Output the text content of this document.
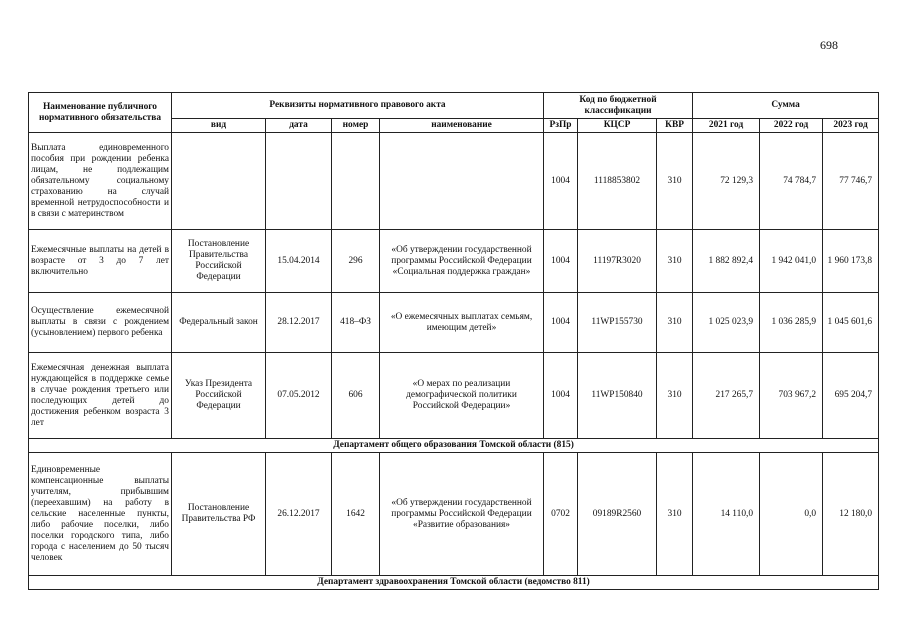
698
Наименование публичного нормативного обязательства	Реквизиты нормативного правового акта				Код по бюджетной классификации			Сумма		
	вид	дата	номер	наименование	РзПр	КЦСР	КВР	2021 год	2022 год	2023 год
Выплата единовременного пособия при рождении ребенка лицам, не подлежащим обязательному социальному страхованию на случай временной нетрудоспособности и в связи с материнством					1004	1118853802	310	72 129,3	74 784,7	77 746,7
Ежемесячные выплаты на детей в возрасте от 3 до 7 лет включительно	Постановление Правительства Российской Федерации	15.04.2014	296	«Об утверждении государственной программы Российской Федерации «Социальная поддержка граждан»	1004	11197R3020	310	1 882 892,4	1 942 041,0	1 960 173,8
Осуществление ежемесячной выплаты в связи с рождением (усыновлением) первого ребенка	Федеральный закон	28.12.2017	418–ФЗ	«О ежемесячных выплатах семьям, имеющим детей»	1004	11WP155730	310	1 025 023,9	1 036 285,9	1 045 601,6
Ежемесячная денежная выплата нуждающейся в поддержке семье в случае рождения третьего или последующих детей до достижения ребенком возраста 3 лет	Указ Президента Российской Федерации	07.05.2012	606	«О мерах по реализации демографической политики Российской Федерации»	1004	11WP150840	310	217 265,7	703 967,2	695 204,7
Департамент общего образования Томской области (815)										
Единовременные компенсационные выплаты учителям, прибывшим (переехавшим) на работу в сельские населенные пункты, либо рабочие поселки, либо поселки городского типа, либо города с населением до 50 тысяч человек	Постановление Правительства РФ	26.12.2017	1642	«Об утверждении государственной программы Российской Федерации «Развитие образования»	0702	09189R2560	310	14 110,0	0,0	12 180,0
Департамент здравоохранения Томской области (ведомство 811)										
